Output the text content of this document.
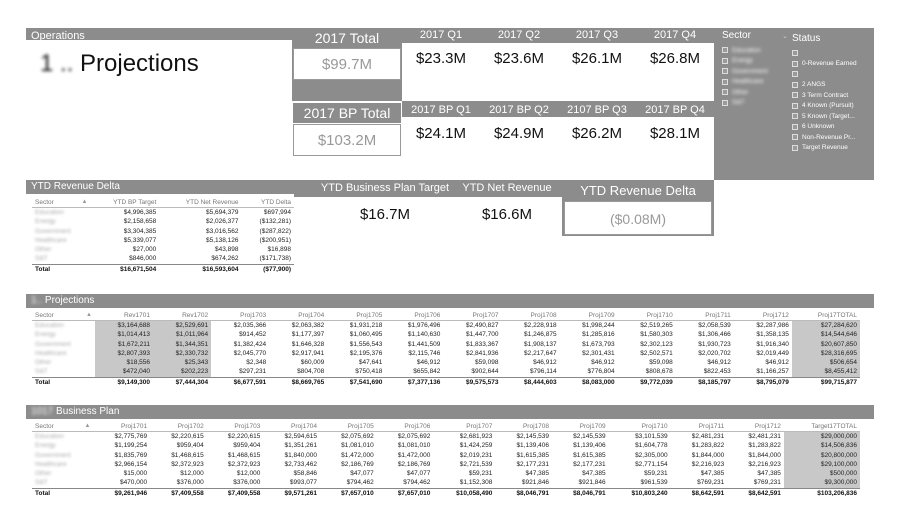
Operations
1 .. Projections
2017 Total
$99.7M
2017 Q1	2017 Q2	2017 Q3	2017 Q4
$23.3M	$23.6M	$26.1M	$26.8M
2017 BP Total
$103.2M
2017 BP Q1	2017 BP Q2	2107 BP Q3	2017 BP Q4
$24.1M	$24.9M	$26.2M	$28.1M
Sector	⌄
Education
Energy
Government
Healthcare
Other
S&T
Status
0-Revenue Earned
2 ANGS
3 Term Contract
4 Known (Pursuit)
5 Known (Target...
6 Unknown
Non-Revenue Pr...
Target Revenue
YTD Revenue Delta
Sector ▲	YTD BP Target	YTD Net Revenue	YTD Delta
Education	$4,996,385	$5,694,379	$697,994
Energy	$2,158,658	$2,026,377	($132,281)
Government	$3,304,385	$3,016,562	($287,822)
Healthcare	$5,339,077	$5,138,126	($200,951)
Other	$27,000	$43,898	$16,898
S&T	$846,000	$674,262	($171,738)
Total	$16,671,504	$16,593,604	($77,900)
YTD Business Plan Target	YTD Net Revenue	YTD Revenue Delta
$16.7M	$16.6M	($0.08M)
1.. Projections
Sector ▲	Rev1701	Rev1702	Proj1703	Proj1704	Proj1705	Proj1706	Proj1707	Proj1708	Proj1709	Proj1710	Proj1711	Proj1712	Proj17TOTAL
Education	$3,164,688	$2,529,691	$2,035,366	$2,063,382	$1,931,218	$1,976,496	$2,490,827	$2,228,918	$1,998,244	$2,519,265	$2,058,539	$2,287,986	$27,284,620
Energy	$1,014,413	$1,011,964	$914,452	$1,177,397	$1,060,495	$1,140,630	$1,447,700	$1,246,875	$1,285,816	$1,580,303	$1,306,466	$1,358,135	$14,544,646
Government	$1,672,211	$1,344,351	$1,382,424	$1,646,328	$1,556,543	$1,441,509	$1,833,367	$1,908,137	$1,673,793	$2,302,123	$1,930,723	$1,916,340	$20,607,850
Healthcare	$2,807,393	$2,330,732	$2,045,770	$2,917,941	$2,195,376	$2,115,746	$2,841,936	$2,217,647	$2,301,431	$2,502,571	$2,020,702	$2,019,449	$28,316,695
Other	$18,556	$25,343	$2,348	$60,009	$47,641	$46,912	$59,098	$46,912	$46,912	$59,098	$46,912	$46,912	$506,654
S&T	$472,040	$202,223	$297,231	$804,708	$750,418	$655,842	$902,644	$796,114	$776,804	$808,678	$822,453	$1,166,257	$8,455,412
Total	$9,149,300	$7,444,304	$6,677,591	$8,669,765	$7,541,690	$7,377,136	$9,575,573	$8,444,603	$8,083,000	$9,772,039	$8,185,797	$8,795,079	$99,715,877
1017 Business Plan
Sector ▲	Proj1701	Proj1702	Proj1703	Proj1704	Proj1705	Proj1706	Proj1707	Proj1708	Proj1709	Proj1710	Proj1711	Proj1712	Target17TOTAL
Education	$2,775,769	$2,220,615	$2,220,615	$2,594,615	$2,075,692	$2,075,692	$2,681,923	$2,145,539	$2,145,539	$3,101,539	$2,481,231	$2,481,231	$29,000,000
Energy	$1,199,254	$959,404	$959,404	$1,351,261	$1,081,010	$1,081,010	$1,424,259	$1,139,406	$1,139,406	$1,604,778	$1,283,822	$1,283,822	$14,506,836
Government	$1,835,769	$1,468,615	$1,468,615	$1,840,000	$1,472,000	$1,472,000	$2,019,231	$1,615,385	$1,615,385	$2,305,000	$1,844,000	$1,844,000	$20,800,000
Healthcare	$2,966,154	$2,372,923	$2,372,923	$2,733,462	$2,186,769	$2,186,769	$2,721,539	$2,177,231	$2,177,231	$2,771,154	$2,216,923	$2,216,923	$29,100,000
Other	$15,000	$12,000	$12,000	$58,846	$47,077	$47,077	$59,231	$47,385	$47,385	$59,231	$47,385	$47,385	$500,000
S&T	$470,000	$376,000	$376,000	$993,077	$794,462	$794,462	$1,152,308	$921,846	$921,846	$961,539	$769,231	$769,231	$9,300,000
Total	$9,261,946	$7,409,558	$7,409,558	$9,571,261	$7,657,010	$7,657,010	$10,058,490	$8,046,791	$8,046,791	$10,803,240	$8,642,591	$8,642,591	$103,206,836
